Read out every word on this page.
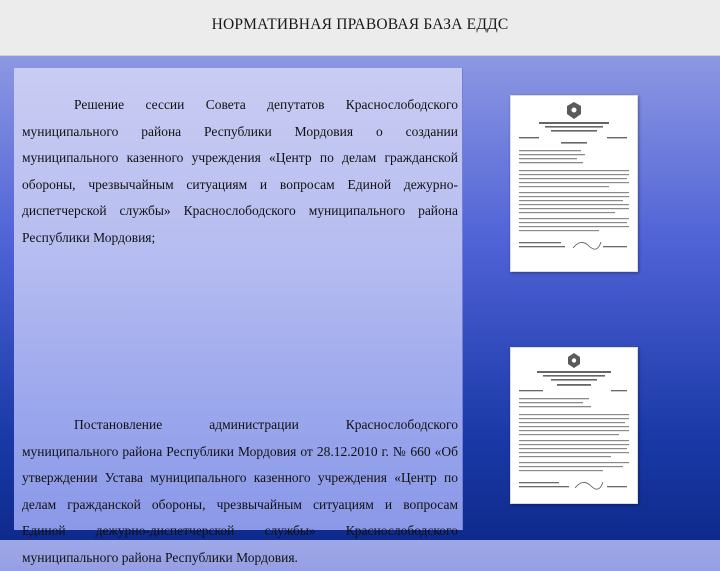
НОРМАТИВНАЯ ПРАВОВАЯ БАЗА ЕДДС
Решение сессии Совета депутатов Краснослободского муниципального района Республики Мордовия о создании муниципального казенного учреждения «Центр по делам гражданской обороны, чрезвычайным ситуациям и вопросам Единой дежурно-диспетчерской службы» Краснослободского муниципального района Республики Мордовия;
Постановление администрации Краснослободского муниципального района Республики Мордовия от 28.12.2010 г. № 660 «Об утверждении Устава муниципального казенного учреждения «Центр по делам гражданской обороны, чрезвычайным ситуациям и вопросам Единой дежурно-диспетчерской службы» Краснослободского муниципального района Республики Мордовия.
